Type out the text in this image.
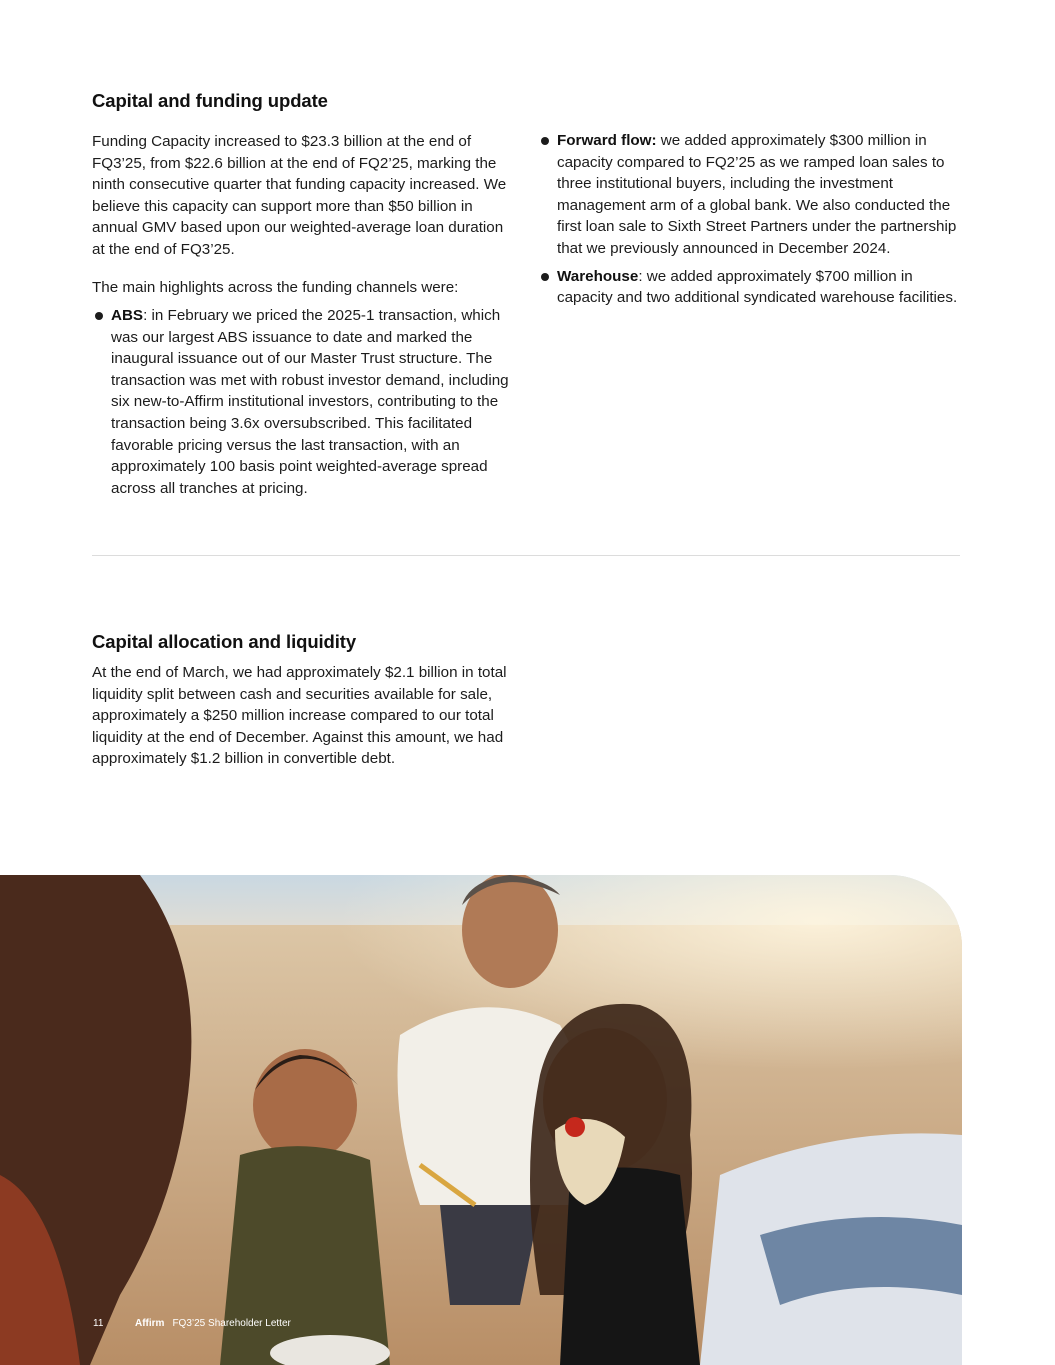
Capital and funding update

Funding Capacity increased to $23.3 billion at the end of FQ3’25, from $22.6 billion at the end of FQ2’25, marking the ninth consecutive quarter that funding capacity increased. We believe this capacity can support more than $50 billion in annual GMV based upon our weighted-average loan duration at the end of FQ3’25.

The main highlights across the funding channels were:

ABS: in February we priced the 2025-1 transaction, which was our largest ABS issuance to date and marked the inaugural issuance out of our Master Trust structure. The transaction was met with robust investor demand, including six new-to-Affirm institutional investors, contributing to the transaction being 3.6x oversubscribed. This facilitated favorable pricing versus the last transaction, with an approximately 100 basis point weighted-average spread across all tranches at pricing.
Forward flow: we added approximately $300 million in capacity compared to FQ2’25 as we ramped loan sales to three institutional buyers, including the investment management arm of a global bank. We also conducted the first loan sale to Sixth Street Partners under the partnership that we previously announced in December 2024.
Warehouse: we added approximately $700 million in capacity and two additional syndicated warehouse facilities.
Capital allocation and liquidity

At the end of March, we had approximately $2.1 billion in total liquidity split between cash and securities available for sale, approximately a $250 million increase compared to our total liquidity at the end of December. Against this amount, we had approximately $1.2 billion in convertible debt.

11	Affirm FQ3’25 Shareholder Letter
